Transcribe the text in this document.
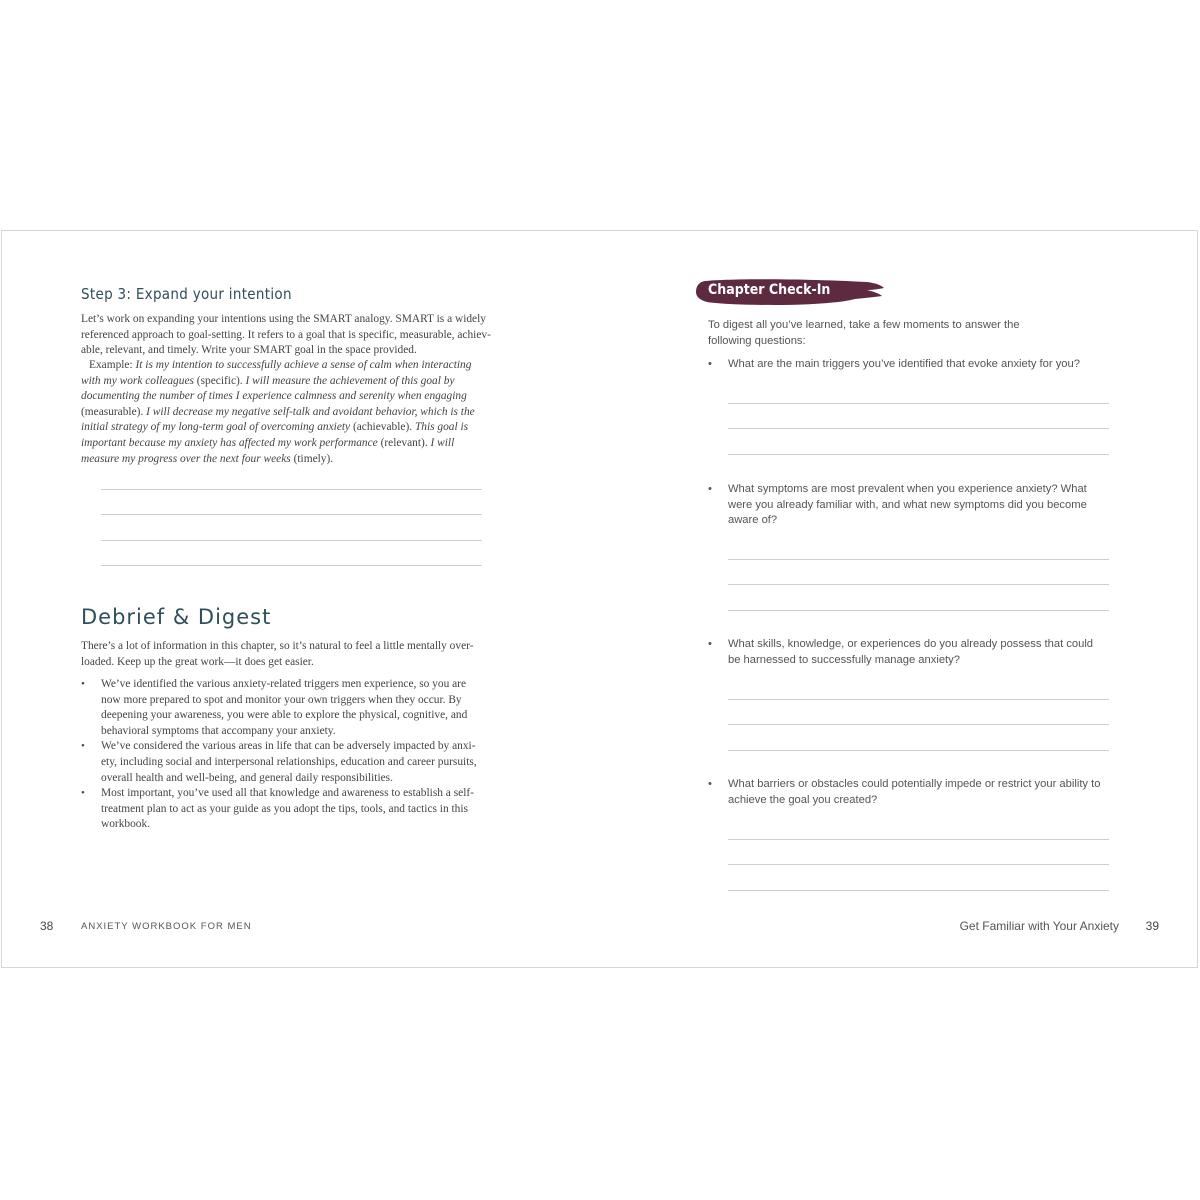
Step 3: Expand your intention

Let’s work on expanding your intentions using the SMART analogy. SMART is a widely referenced approach to goal-setting. It refers to a goal that is specific, measurable, achiev- able, relevant, and timely. Write your SMART goal in the space provided.

Example: It is my intention to successfully achieve a sense of calm when interacting with my work colleagues (specific). I will measure the achievement of this goal by documenting the number of times I experience calmness and serenity when engaging (measurable). I will decrease my negative self-talk and avoidant behavior, which is the initial strategy of my long-term goal of overcoming anxiety (achievable). This goal is important because my anxiety has affected my work performance (relevant). I will measure my progress over the next four weeks (timely).

Debrief & Digest

There’s a lot of information in this chapter, so it’s natural to feel a little mentally over- loaded. Keep up the great work—it does get easier.

• We’ve identified the various anxiety-related triggers men experience, so you are now more prepared to spot and monitor your own triggers when they occur. By deepening your awareness, you were able to explore the physical, cognitive, and behavioral symptoms that accompany your anxiety.
• We’ve considered the various areas in life that can be adversely impacted by anxi- ety, including social and interpersonal relationships, education and career pursuits, overall health and well-being, and general daily responsibilities.
• Most important, you’ve used all that knowledge and awareness to establish a self-treatment plan to act as your guide as you adopt the tips, tools, and tactics in this workbook.
38	ANXIETY WORKBOOK FOR MEN
Chapter Check-In

To digest all you’ve learned, take a few moments to answer the following questions:

• What are the main triggers you’ve identified that evoke anxiety for you?
• What symptoms are most prevalent when you experience anxiety? What were you already familiar with, and what new symptoms did you become aware of?
• What skills, knowledge, or experiences do you already possess that could be harnessed to successfully manage anxiety?
• What barriers or obstacles could potentially impede or restrict your ability to achieve the goal you created?
Get Familiar with Your Anxiety 39
